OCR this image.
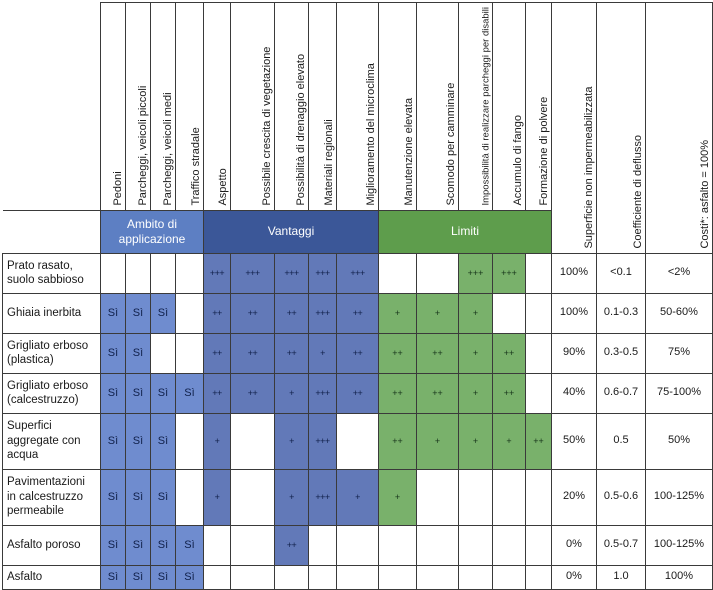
	Pedoni	Parcheggi, veicoli piccoli	Parcheggi, veicoli medi	Traffico stradale	Aspetto	Possibile crescita di vegetazione	Possibilità di drenaggio elevato	Materiali regionali	Miglioramento del microclima	Manutenzione elevata	Scomodo per camminare	Impossibilità di realizzare parcheggi per disabili	Accumulo di fango	Formazione di polvere	Superficie non impermeabilizzata	Coefficiente di deflusso	Costi*: asfalto = 100%
	Ambito di applicazione				Vantaggi					Limiti							
Prato rasato, suolo sabbioso					+++	+++	+++	+++	+++			+++	+++		100%	<0.1	<2%
Ghiaia inerbita	Sì	Sì	Sì		++	++	++	+++	++	+	+	+			100%	0.1-0.3	50-60%
Grigliato erboso (plastica)	Sì	Sì			++	++	++	+	++	++	++	+	++		90%	0.3-0.5	75%
Grigliato erboso (calcestruzzo)	Sì	Sì	Sì	Sì	++	++	+	+++	++	++	++	+	++		40%	0.6-0.7	75-100%
Superfici aggregate con acqua	Sì	Sì	Sì		+		+	+++		++	+	+	+	++	50%	0.5	50%
Pavimentazioni in calcestruzzo permeabile	Sì	Sì	Sì		+		+	+++	+	+					20%	0.5-0.6	100-125%
Asfalto poroso	Sì	Sì	Sì	Sì			++								0%	0.5-0.7	100-125%
Asfalto	Sì	Sì	Sì	Sì											0%	1.0	100%
